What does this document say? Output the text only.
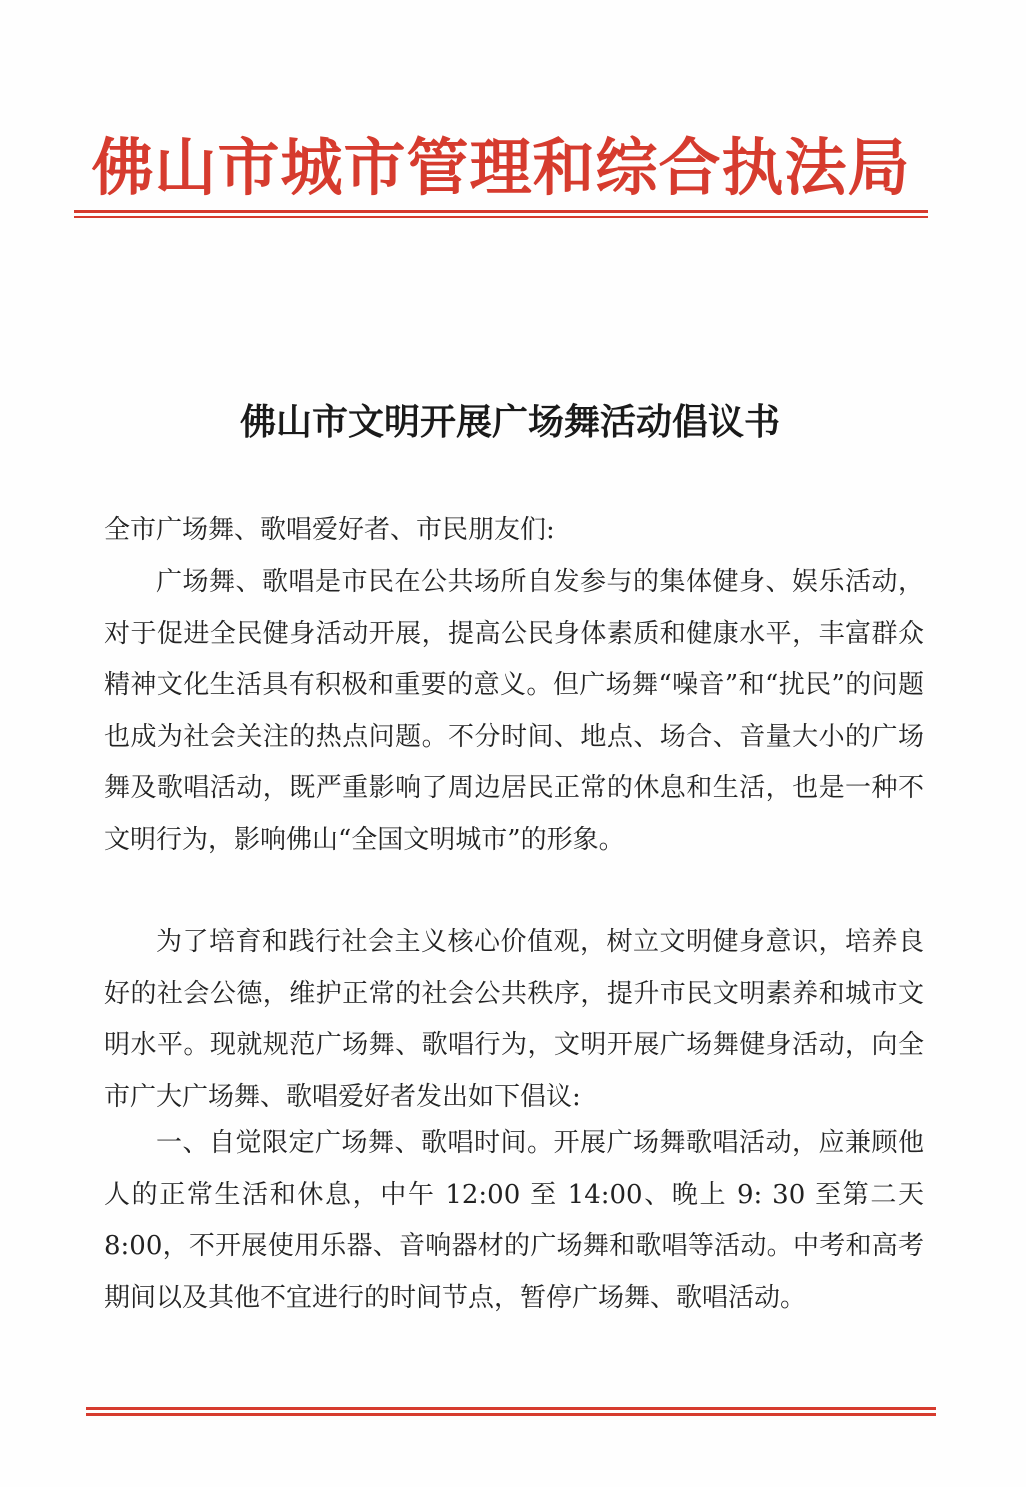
佛山市城市管理和综合执法局
佛山市文明开展广场舞活动倡议书
全市广场舞、歌唱爱好者、市民朋友们:
广场舞、歌唱是市民在公共场所自发参与的集体健身、娱乐活动，对于促进全民健身活动开展，提高公民身体素质和健康水平，丰富群众精神文化生活具有积极和重要的意义。但广场舞“噪音”和“扰民”的问题也成为社会关注的热点问题。不分时间、地点、场合、音量大小的广场舞及歌唱活动，既严重影响了周边居民正常的休息和生活，也是一种不文明行为，影响佛山“全国文明城市”的形象。
为了培育和践行社会主义核心价值观，树立文明健身意识，培养良好的社会公德，维护正常的社会公共秩序，提升市民文明素养和城市文明水平。现就规范广场舞、歌唱行为，文明开展广场舞健身活动，向全市广大广场舞、歌唱爱好者发出如下倡议:
一、自觉限定广场舞、歌唱时间。开展广场舞歌唱活动，应兼顾他人的正常生活和休息，中午 12:00 至 14:00、晚上 9: 30 至第二天 8:00，不开展使用乐器、音响器材的广场舞和歌唱等活动。中考和高考期间以及其他不宜进行的时间节点，暂停广场舞、歌唱活动。
